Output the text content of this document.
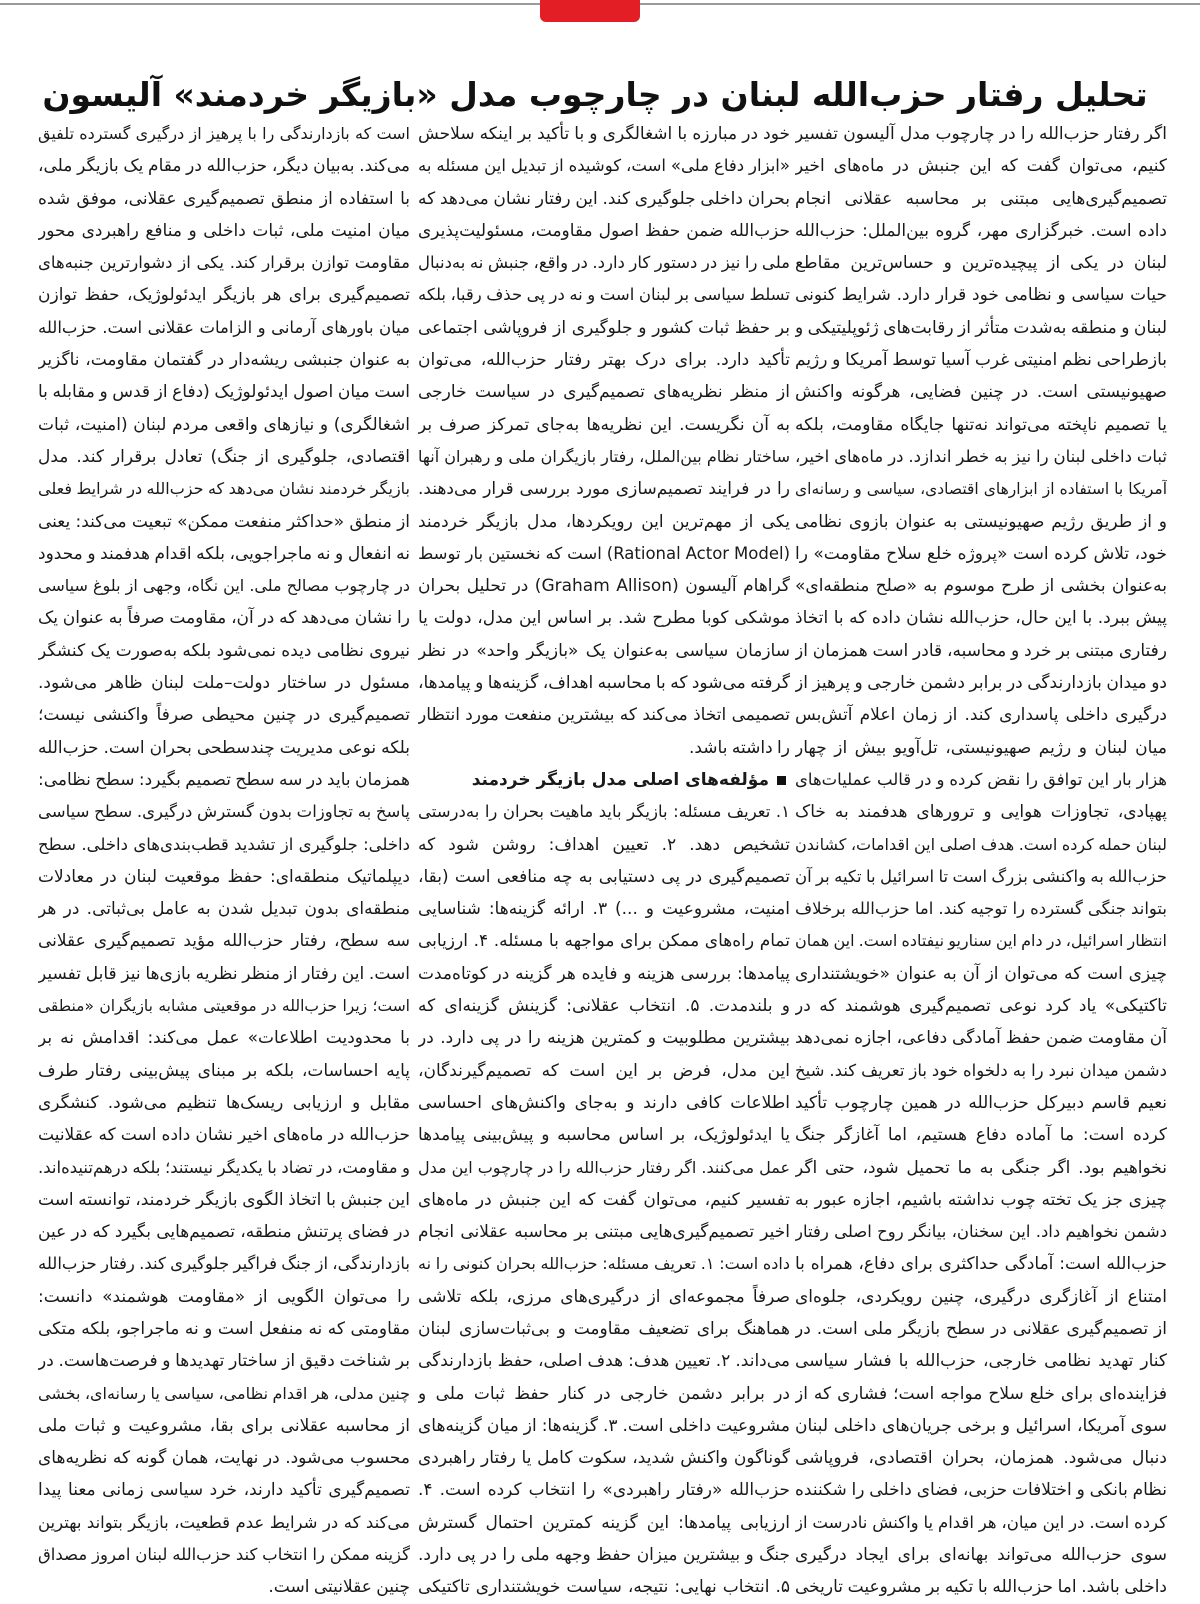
تحلیل رفتار حزب‌الله لبنان در چارچوب مدل «بازیگر خردمند» آلیسون
اگر رفتار حزب‌الله را در چارچوب مدل آلیسون تفسیر
کنیم، می‌توان گفت که این جنبش در ماه‌های اخیر
تصمیم‌گیری‌هایی مبتنی بر محاسبه عقلانی انجام
داده است. خبرگزاری مهر، گروه بین‌الملل: حزب‌الله
لبنان در یکی از پیچیده‌ترین و حساس‌ترین مقاطع
حیات سیاسی و نظامی خود قرار دارد. شرایط کنونی
لبنان و منطقه به‌شدت متأثر از رقابت‌های ژئوپلیتیکی و
بازطراحی نظم امنیتی غرب آسیا توسط آمریکا و رژیم
صهیونیستی است. در چنین فضایی، هرگونه واکنش
یا تصمیم ناپخته می‌تواند نه‌تنها جایگاه مقاومت، بلکه
ثبات داخلی لبنان را نیز به خطر اندازد. در ماه‌های اخیر،
آمریکا با استفاده از ابزارهای اقتصادی، سیاسی و رسانه‌ای
و از طریق رژیم صهیونیستی به عنوان بازوی نظامی
خود، تلاش کرده است «پروژه خلع سلاح مقاومت» را
به‌عنوان بخشی از طرح موسوم به «صلح منطقه‌ای»
پیش ببرد. با این حال، حزب‌الله نشان داده که با اتخاذ
رفتاری مبتنی بر خرد و محاسبه، قادر است همزمان از
دو میدان بازدارندگی در برابر دشمن خارجی و پرهیز از
درگیری داخلی پاسداری کند. از زمان اعلام آتش‌بس
میان لبنان و رژیم صهیونیستی، تل‌آویو بیش از چهار
هزار بار این توافق را نقض کرده و در قالب عملیات‌های
پهپادی، تجاوزات هوایی و ترورهای هدفمند به خاک
لبنان حمله کرده است. هدف اصلی این اقدامات، کشاندن
حزب‌الله به واکنشی بزرگ است تا اسرائیل با تکیه بر آن
بتواند جنگی گسترده را توجیه کند. اما حزب‌الله برخلاف
انتظار اسرائیل، در دام این سناریو نیفتاده است. این همان
چیزی است که می‌توان از آن به عنوان «خویشتنداری
تاکتیکی» یاد کرد نوعی تصمیم‌گیری هوشمند که در
آن مقاومت ضمن حفظ آمادگی دفاعی، اجازه نمی‌دهد
دشمن میدان نبرد را به دلخواه خود باز تعریف کند. شیخ
نعیم قاسم دبیرکل حزب‌الله در همین چارچوب تأکید
کرده است: ما آماده دفاع هستیم، اما آغازگر جنگ
نخواهیم بود. اگر جنگی به ما تحمیل شود، حتی اگر
چیزی جز یک تخته چوب نداشته باشیم، اجازه عبور به
دشمن نخواهیم داد. این سخنان، بیانگر روح اصلی رفتار
حزب‌الله است: آمادگی حداکثری برای دفاع، همراه با
امتناع از آغازگری درگیری، چنین رویکردی، جلوه‌ای
از تصمیم‌گیری عقلانی در سطح بازیگر ملی است. در
کنار تهدید نظامی خارجی، حزب‌الله با فشار سیاسی
فزاینده‌ای برای خلع سلاح مواجه است؛ فشاری که از
سوی آمریکا، اسرائیل و برخی جریان‌های داخلی لبنان
دنبال می‌شود. همزمان، بحران اقتصادی، فروپاشی
نظام بانکی و اختلافات حزبی، فضای داخلی را شکننده
کرده است. در این میان، هر اقدام یا واکنش نادرست از
سوی حزب‌الله می‌تواند بهانه‌ای برای ایجاد درگیری
داخلی باشد. اما حزب‌الله با تکیه بر مشروعیت تاریخی
خود در مبارزه با اشغالگری و با تأکید بر اینکه سلاحش
«ابزار دفاع ملی» است، کوشیده از تبدیل این مسئله به
بحران داخلی جلوگیری کند. این رفتار نشان می‌دهد که
حزب‌الله ضمن حفظ اصول مقاومت، مسئولیت‌پذیری
ملی را نیز در دستور کار دارد. در واقع، جنبش نه به‌دنبال
تسلط سیاسی بر لبنان است و نه در پی حذف رقبا، بلکه
بر حفظ ثبات کشور و جلوگیری از فروپاشی اجتماعی
تأکید دارد. برای درک بهتر رفتار حزب‌الله، می‌توان
از منظر نظریه‌های تصمیم‌گیری در سیاست خارجی
به آن نگریست. این نظریه‌ها به‌جای تمرکز صرف بر
ساختار نظام بین‌الملل، رفتار بازیگران ملی و رهبران آنها
را در فرایند تصمیم‌سازی مورد بررسی قرار می‌دهند.
یکی از مهم‌ترین این رویکردها، مدل بازیگر خردمند
(Rational Actor Model) است که نخستین بار توسط
گراهام آلیسون (Graham Allison) در تحلیل بحران
موشکی کوبا مطرح شد. بر اساس این مدل، دولت یا
سازمان سیاسی به‌عنوان یک «بازیگر واحد» در نظر
گرفته می‌شود که با محاسبه اهداف، گزینه‌ها و پیامدها،
تصمیمی اتخاذ می‌کند که بیشترین منفعت مورد انتظار
را داشته باشد.
مؤلفه‌های اصلی مدل بازیگر خردمند
۱. تعریف مسئله: بازیگر باید ماهیت بحران را به‌درستی
تشخیص دهد. ۲. تعیین اهداف: روشن شود که
تصمیم‌گیری در پی دستیابی به چه منافعی است (بقا،
امنیت، مشروعیت و ...) ۳. ارائه گزینه‌ها: شناسایی
تمام راه‌های ممکن برای مواجهه با مسئله. ۴. ارزیابی
پیامدها: بررسی هزینه و فایده هر گزینه در کوتاه‌مدت
و بلندمدت. ۵. انتخاب عقلانی: گزینش گزینه‌ای که
بیشترین مطلوبیت و کمترین هزینه را در پی دارد. در
این مدل، فرض بر این است که تصمیم‌گیرندگان،
اطلاعات کافی دارند و به‌جای واکنش‌های احساسی
یا ایدئولوژیک، بر اساس محاسبه و پیش‌بینی پیامدها
عمل می‌کنند. اگر رفتار حزب‌الله را در چارچوب این مدل
تفسیر کنیم، می‌توان گفت که این جنبش در ماه‌های
اخیر تصمیم‌گیری‌هایی مبتنی بر محاسبه عقلانی انجام
داده است: ۱. تعریف مسئله: حزب‌الله بحران کنونی را نه
صرفاً مجموعه‌ای از درگیری‌های مرزی، بلکه تلاشی
هماهنگ برای تضعیف مقاومت و بی‌ثبات‌سازی لبنان
می‌داند. ۲. تعیین هدف: هدف اصلی، حفظ بازدارندگی
در برابر دشمن خارجی در کنار حفظ ثبات ملی و
مشروعیت داخلی است. ۳. گزینه‌ها: از میان گزینه‌های
گوناگون واکنش شدید، سکوت کامل یا رفتار راهبردی
حزب‌الله «رفتار راهبردی» را انتخاب کرده است. ۴.
ارزیابی پیامدها: این گزینه کمترین احتمال گسترش
جنگ و بیشترین میزان حفظ وجهه ملی را در پی دارد.
۵. انتخاب نهایی: نتیجه، سیاست خویشتنداری تاکتیکی
است که بازدارندگی را با پرهیز از درگیری گسترده تلفیق
می‌کند. به‌بیان دیگر، حزب‌الله در مقام یک بازیگر ملی،
با استفاده از منطق تصمیم‌گیری عقلانی، موفق شده
میان امنیت ملی، ثبات داخلی و منافع راهبردی محور
مقاومت توازن برقرار کند. یکی از دشوارترین جنبه‌های
تصمیم‌گیری برای هر بازیگر ایدئولوژیک، حفظ توازن
میان باورهای آرمانی و الزامات عقلانی است. حزب‌الله
به عنوان جنبشی ریشه‌دار در گفتمان مقاومت، ناگزیر
است میان اصول ایدئولوژیک (دفاع از قدس و مقابله با
اشغالگری) و نیازهای واقعی مردم لبنان (امنیت، ثبات
اقتصادی، جلوگیری از جنگ) تعادل برقرار کند. مدل
بازیگر خردمند نشان می‌دهد که حزب‌الله در شرایط فعلی
از منطق «حداکثر منفعت ممکن» تبعیت می‌کند: یعنی
نه انفعال و نه ماجراجویی، بلکه اقدام هدفمند و محدود
در چارچوب مصالح ملی. این نگاه، وجهی از بلوغ سیاسی
را نشان می‌دهد که در آن، مقاومت صرفاً به عنوان یک
نیروی نظامی دیده نمی‌شود بلکه به‌صورت یک کنشگر
مسئول در ساختار دولت–ملت لبنان ظاهر می‌شود.
تصمیم‌گیری در چنین محیطی صرفاً واکنشی نیست؛
بلکه نوعی مدیریت چندسطحی بحران است. حزب‌الله
همزمان باید در سه سطح تصمیم بگیرد: سطح نظامی:
پاسخ به تجاوزات بدون گسترش درگیری. سطح سیاسی
داخلی: جلوگیری از تشدید قطب‌بندی‌های داخلی. سطح
دیپلماتیک منطقه‌ای: حفظ موقعیت لبنان در معادلات
منطقه‌ای بدون تبدیل شدن به عامل بی‌ثباتی. در هر
سه سطح، رفتار حزب‌الله مؤید تصمیم‌گیری عقلانی
است. این رفتار از منظر نظریه بازی‌ها نیز قابل تفسیر
است؛ زیرا حزب‌الله در موقعیتی مشابه بازیگران «منطقی
با محدودیت اطلاعات» عمل می‌کند: اقدامش نه بر
پایه احساسات، بلکه بر مبنای پیش‌بینی رفتار طرف
مقابل و ارزیابی ریسک‌ها تنظیم می‌شود. کنشگری
حزب‌الله در ماه‌های اخیر نشان داده است که عقلانیت
و مقاومت، در تضاد با یکدیگر نیستند؛ بلکه درهم‌تنیده‌اند.
این جنبش با اتخاذ الگوی بازیگر خردمند، توانسته است
در فضای پرتنش منطقه، تصمیم‌هایی بگیرد که در عین
بازدارندگی، از جنگ فراگیر جلوگیری کند. رفتار حزب‌الله
را می‌توان الگویی از «مقاومت هوشمند» دانست:
مقاومتی که نه منفعل است و نه ماجراجو، بلکه متکی
بر شناخت دقیق از ساختار تهدیدها و فرصت‌هاست. در
چنین مدلی، هر اقدام نظامی، سیاسی یا رسانه‌ای، بخشی
از محاسبه عقلانی برای بقا، مشروعیت و ثبات ملی
محسوب می‌شود. در نهایت، همان گونه که نظریه‌های
تصمیم‌گیری تأکید دارند، خرد سیاسی زمانی معنا پیدا
می‌کند که در شرایط عدم قطعیت، بازیگر بتواند بهترین
گزینه ممکن را انتخاب کند حزب‌الله لبنان امروز مصداق
چنین عقلانیتی است.
